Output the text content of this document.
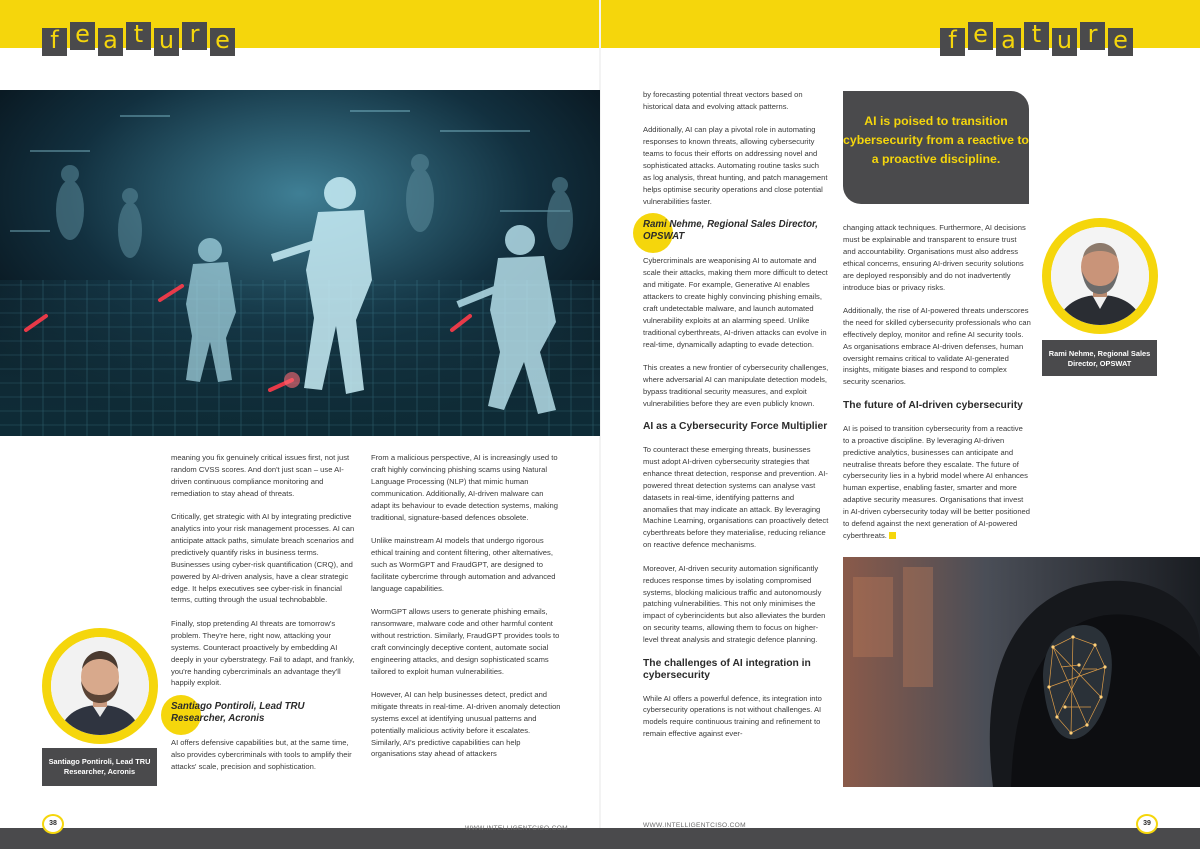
f e a t u r e	f e a t u r e

meaning you fix genuinely critical issues first, not just random CVSS scores. And don't just scan – use AI-driven continuous compliance monitoring and remediation to stay ahead of threats.

Critically, get strategic with AI by integrating predictive analytics into your risk management processes. AI can anticipate attack paths, simulate breach scenarios and predictively quantify risks in business terms. Businesses using cyber-risk quantification (CRQ), and powered by AI-driven analysis, have a clear strategic edge. It helps executives see cyber-risk in financial terms, cutting through the usual technobabble.

Finally, stop pretending AI threats are tomorrow's problem. They're here, right now, attacking your systems. Counteract proactively by embedding AI deeply in your cyberstrategy. Fail to adapt, and frankly, you're handing cybercriminals an advantage they'll happily exploit.

Santiago Pontiroli, Lead TRU Researcher, Acronis

AI offers defensive capabilities but, at the same time, also provides cybercriminals with tools to amplify their attacks' scale, precision and sophistication.

From a malicious perspective, AI is increasingly used to craft highly convincing phishing scams using Natural Language Processing (NLP) that mimic human communication. Additionally, AI-driven malware can adapt its behaviour to evade detection systems, making traditional, signature-based defences obsolete.

Unlike mainstream AI models that undergo rigorous ethical training and content filtering, other alternatives, such as WormGPT and FraudGPT, are designed to facilitate cybercrime through automation and advanced language capabilities.

WormGPT allows users to generate phishing emails, ransomware, malware code and other harmful content without restriction. Similarly, FraudGPT provides tools to craft convincingly deceptive content, automate social engineering attacks, and design sophisticated scams tailored to exploit human vulnerabilities.

However, AI can help businesses detect, predict and mitigate threats in real-time. AI-driven anomaly detection systems excel at identifying unusual patterns and potentially malicious activity before it escalates. Similarly, AI's predictive capabilities can help organisations stay ahead of attackers

by forecasting potential threat vectors based on historical data and evolving attack patterns.

Additionally, AI can play a pivotal role in automating responses to known threats, allowing cybersecurity teams to focus their efforts on addressing novel and sophisticated attacks. Automating routine tasks such as log analysis, threat hunting, and patch management helps optimise security operations and close potential vulnerabilities faster.

Rami Nehme, Regional Sales Director, OPSWAT

Cybercriminals are weaponising AI to automate and scale their attacks, making them more difficult to detect and mitigate. For example, Generative AI enables attackers to create highly convincing phishing emails, craft undetectable malware, and launch automated vulnerability exploits at an alarming speed. Unlike traditional cyberthreats, AI-driven attacks can evolve in real-time, dynamically adapting to evade detection.

This creates a new frontier of cybersecurity challenges, where adversarial AI can manipulate detection models, bypass traditional security measures, and exploit vulnerabilities before they are even publicly known.

AI as a Cybersecurity Force Multiplier

To counteract these emerging threats, businesses must adopt AI-driven cybersecurity strategies that enhance threat detection, response and prevention. AI-powered threat detection systems can analyse vast datasets in real-time, identifying patterns and anomalies that may indicate an attack. By leveraging Machine Learning, organisations can proactively detect cyberthreats before they materialise, reducing reliance on reactive defence mechanisms.

Moreover, AI-driven security automation significantly reduces response times by isolating compromised systems, blocking malicious traffic and autonomously patching vulnerabilities. This not only minimises the impact of cyberincidents but also alleviates the burden on security teams, allowing them to focus on higher-level threat analysis and strategic defence planning.

The challenges of AI integration in cybersecurity

While AI offers a powerful defence, its integration into cybersecurity operations is not without challenges. AI models require continuous training and refinement to remain effective against ever-

AI is poised to transition cybersecurity from a reactive to a proactive discipline.

changing attack techniques. Furthermore, AI decisions must be explainable and transparent to ensure trust and accountability. Organisations must also address ethical concerns, ensuring AI-driven security solutions are deployed responsibly and do not inadvertently introduce bias or privacy risks.

Additionally, the rise of AI-powered threats underscores the need for skilled cybersecurity professionals who can effectively deploy, monitor and refine AI security tools. As organisations embrace AI-driven defenses, human oversight remains critical to validate AI-generated insights, mitigate biases and respond to complex security scenarios.

The future of AI-driven cybersecurity

AI is poised to transition cybersecurity from a reactive to a proactive discipline. By leveraging AI-driven predictive analytics, businesses can anticipate and neutralise threats before they escalate. The future of cybersecurity lies in a hybrid model where AI enhances human expertise, enabling faster, smarter and more adaptive security measures. Organisations that invest in AI-driven cybersecurity today will be better positioned to defend against the next generation of AI-powered cyberthreats.

Santiago Pontiroli, Lead TRU Researcher, Acronis
Rami Nehme, Regional Sales Director, OPSWAT
38	39
WWW.INTELLIGENTCISO.COM	WWW.INTELLIGENTCISO.COM
